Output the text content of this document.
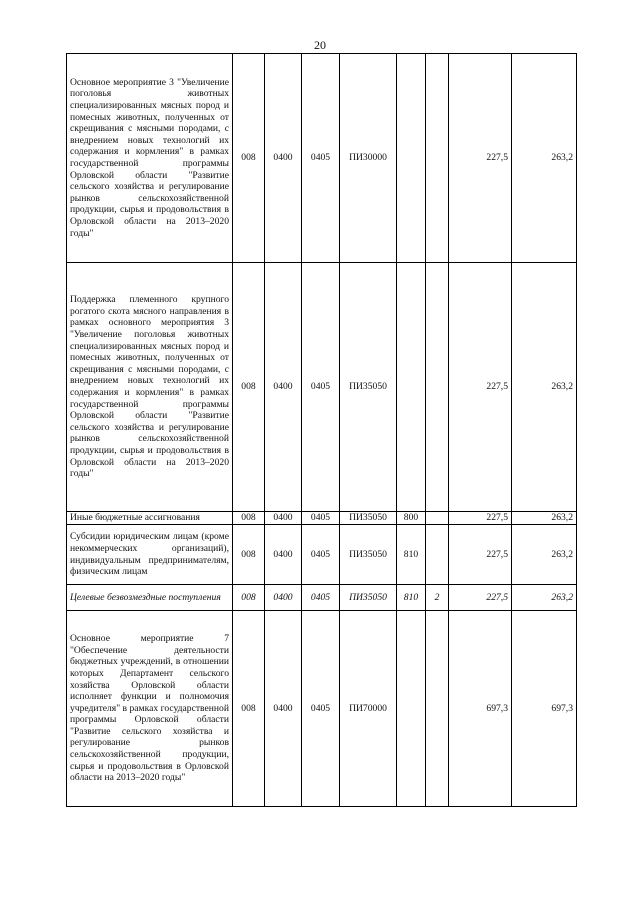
20
Основное мероприятие 3 "Увеличение поголовья животных специализированных мясных пород и помесных животных, полученных от скрещивания с мясными породами, с внедрением новых технологий их содержания и кормления" в рамках государственной программы Орловской области "Развитие сельского хозяйства и регулирование рынков сельскохозяйственной продукции, сырья и продовольствия в Орловской области на 2013–2020 годы"	008	0400	0405	ПИ30000			227,5	263,2
Поддержка племенного крупного рогатого скота мясного направления в рамках основного мероприятия 3 "Увеличение поголовья животных специализированных мясных пород и помесных животных, полученных от скрещивания с мясными породами, с внедрением новых технологий их содержания и кормления" в рамках государственной программы Орловской области "Развитие сельского хозяйства и регулирование рынков сельскохозяйственной продукции, сырья и продовольствия в Орловской области на 2013–2020 годы"	008	0400	0405	ПИ35050			227,5	263,2
Иные бюджетные ассигнования	008	0400	0405	ПИ35050	800		227,5	263,2
Субсидии юридическим лицам (кроме некоммерческих организаций), индивидуальным предпринимателям, физическим лицам	008	0400	0405	ПИ35050	810		227,5	263,2
Целевые безвозмездные поступления	008	0400	0405	ПИ35050	810	2	227,5	263,2
Основное мероприятие 7 "Обеспечение деятельности бюджетных учреждений, в отношении которых Департамент сельского хозяйства Орловской области исполняет функции и полномочия учредителя" в рамках государственной программы Орловской области "Развитие сельского хозяйства и регулирование рынков сельскохозяйственной продукции, сырья и продовольствия в Орловской области на 2013–2020 годы"	008	0400	0405	ПИ70000			697,3	697,3
